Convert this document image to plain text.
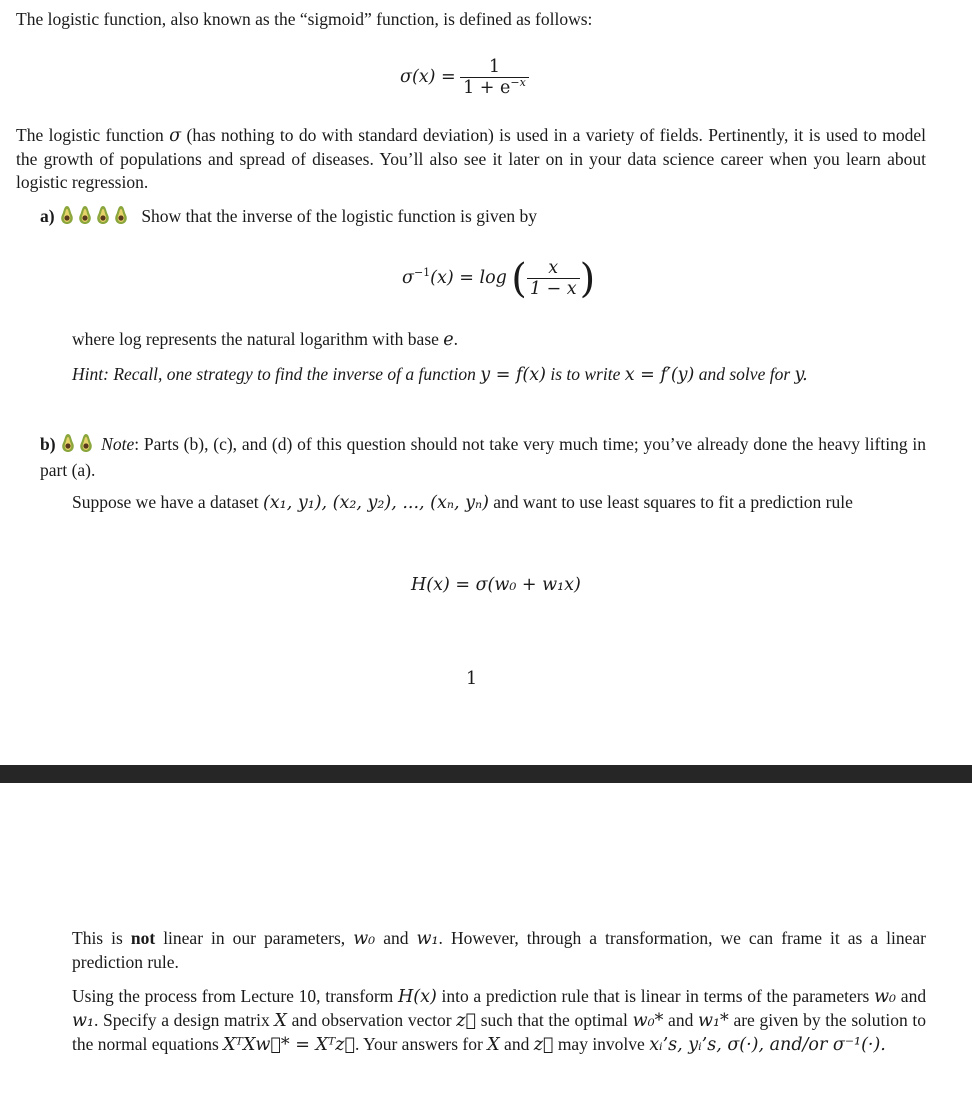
The logistic function, also known as the “sigmoid” function, is defined as follows:
$\sigma(x) = \frac{1}{1 + e^{-x}}$
The logistic function σ (has nothing to do with standard deviation) is used in a variety of fields. Pertinently, it is used to model the growth of populations and spread of diseases. You’ll also see it later on in your data science career when you learn about logistic regression.
a)	Show that the inverse of the logistic function is given by
$\sigma^{-1}(x) = \log$ ( $\frac{x}{1 - x}$ )
where log represents the natural logarithm with base e.
Hint: Recall, one strategy to find the inverse of a function y = f(x) is to write x = f′(y) and solve for y.
b)	Note: Parts (b), (c), and (d) of this question should not take very much time; you’ve already done the heavy lifting in part (a).
Suppose we have a dataset (x₁, y₁), (x₂, y₂), ..., (xₙ, yₙ) and want to use least squares to fit a prediction rule
H(x) = σ(w₀ + w₁x)
1
This is not linear in our parameters, w₀ and w₁. However, through a transformation, we can frame it as a linear prediction rule.
Using the process from Lecture 10, transform H(x) into a prediction rule that is linear in terms of the parameters w₀ and w₁. Specify a design matrix X and observation vector z⃗ such that the optimal w₀* and w₁* are given by the solution to the normal equations XᵀXw⃗* = Xᵀz⃗. Your answers for X and z⃗ may involve xᵢ’s, yᵢ’s, σ(·), and/or σ⁻¹(·).
